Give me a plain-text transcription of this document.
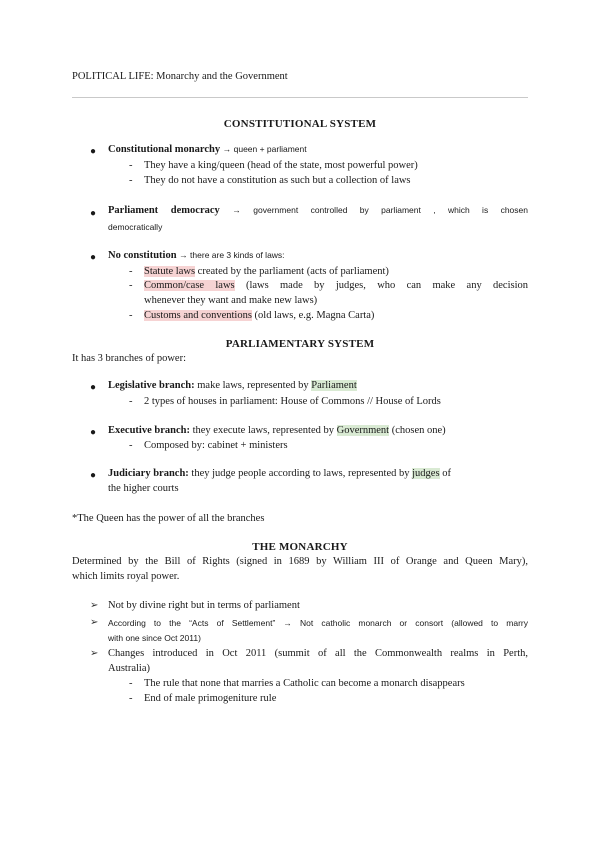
POLITICAL LIFE: Monarchy and the Government
CONSTITUTIONAL SYSTEM
● Constitutional monarchy → queen + parliament
- They have a king/queen (head of the state, most powerful power)
- They do not have a constitution as such but a collection of laws
● Parliament democracy → government controlled by parliament , which is chosen
democratically
● No constitution → there are 3 kinds of laws:
- Statute laws created by the parliament (acts of parliament)
- Common/case laws (laws made by judges, who can make any decision
whenever they want and make new laws)
- Customs and conventions (old laws, e.g. Magna Carta)
PARLIAMENTARY SYSTEM
It has 3 branches of power:
● Legislative branch: make laws, represented by Parliament
- 2 types of houses in parliament: House of Commons // House of Lords
● Executive branch: they execute laws, represented by Government (chosen one)
- Composed by: cabinet + ministers
● Judiciary branch: they judge people according to laws, represented by judges of
the higher courts
*The Queen has the power of all the branches
THE MONARCHY
Determined by the Bill of Rights (signed in 1689 by William III of Orange and Queen Mary),
which limits royal power.
➢ Not by divine right but in terms of parliament
➢ According to the “Acts of Settlement” → Not catholic monarch or consort (allowed to marry
with one since Oct 2011)
➢ Changes introduced in Oct 2011 (summit of all the Commonwealth realms in Perth,
Australia)
- The rule that none that marries a Catholic can become a monarch disappears
- End of male primogeniture rule
